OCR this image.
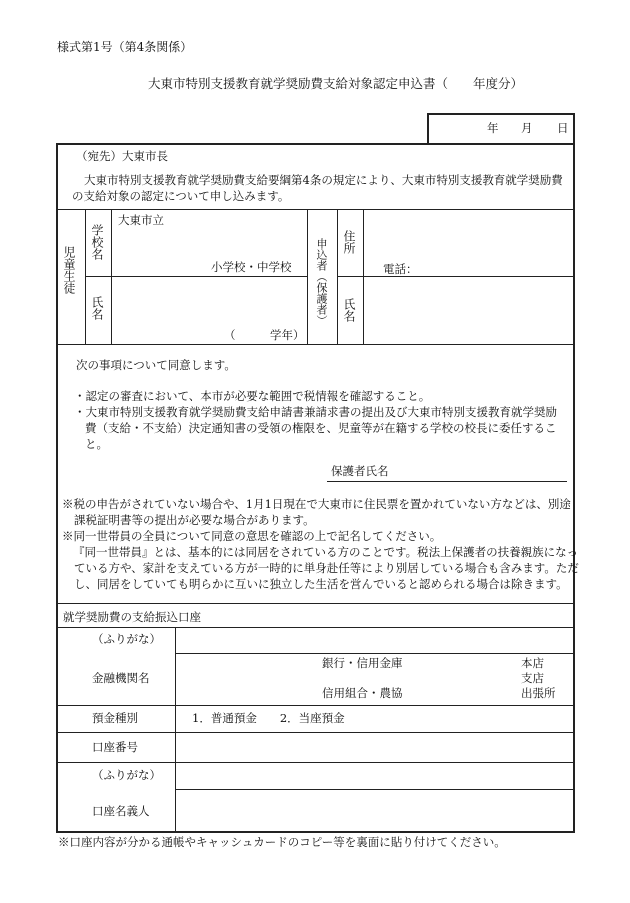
様式第1号（第4条関係）
大東市特別支援教育就学奨励費支給対象認定申込書（　　年度分）
年 月 日
（宛先）大東市長
大東市特別支援教育就学奨励費支給要綱第4条の規定により、大東市特別支援教育就学奨励費の支給対象の認定について申し込みます。
児童生徒
学校名
大東市立
小学校・中学校
氏名
（　　　学年）
申込者（保護者） 住所
電話：
氏名
次の事項について同意します。
・認定の審査において、本市が必要な範囲で税情報を確認すること。
・大東市特別支援教育就学奨励費支給申請書兼請求書の提出及び大東市特別支援教育就学奨励費（支給・不支給）決定通知書の受領の権限を、児童等が在籍する学校の校長に委任すること。
保護者氏名
※税の申告がされていない場合や、1月1日現在で大東市に住民票を置かれていない方などは、別途課税証明書等の提出が必要な場合があります。
※同一世帯員の全員について同意の意思を確認の上で記名してください。
『同一世帯員』とは、基本的には同居をされている方のことです。税法上保護者の扶養親族になっている方や、家計を支えている方が一時的に単身赴任等により別居している場合も含みます。ただし、同居をしていても明らかに互いに独立した生活を営んでいると認められる場合は除きます。
就学奨励費の支給振込口座
（ふりがな）
金融機関名
銀行・信用金庫
信用組合・農協
本店
支店
出張所
預金種別	1．普通預金　　2．当座預金
口座番号
（ふりがな）
口座名義人
※口座内容が分かる通帳やキャッシュカードのコピー等を裏面に貼り付けてください。
